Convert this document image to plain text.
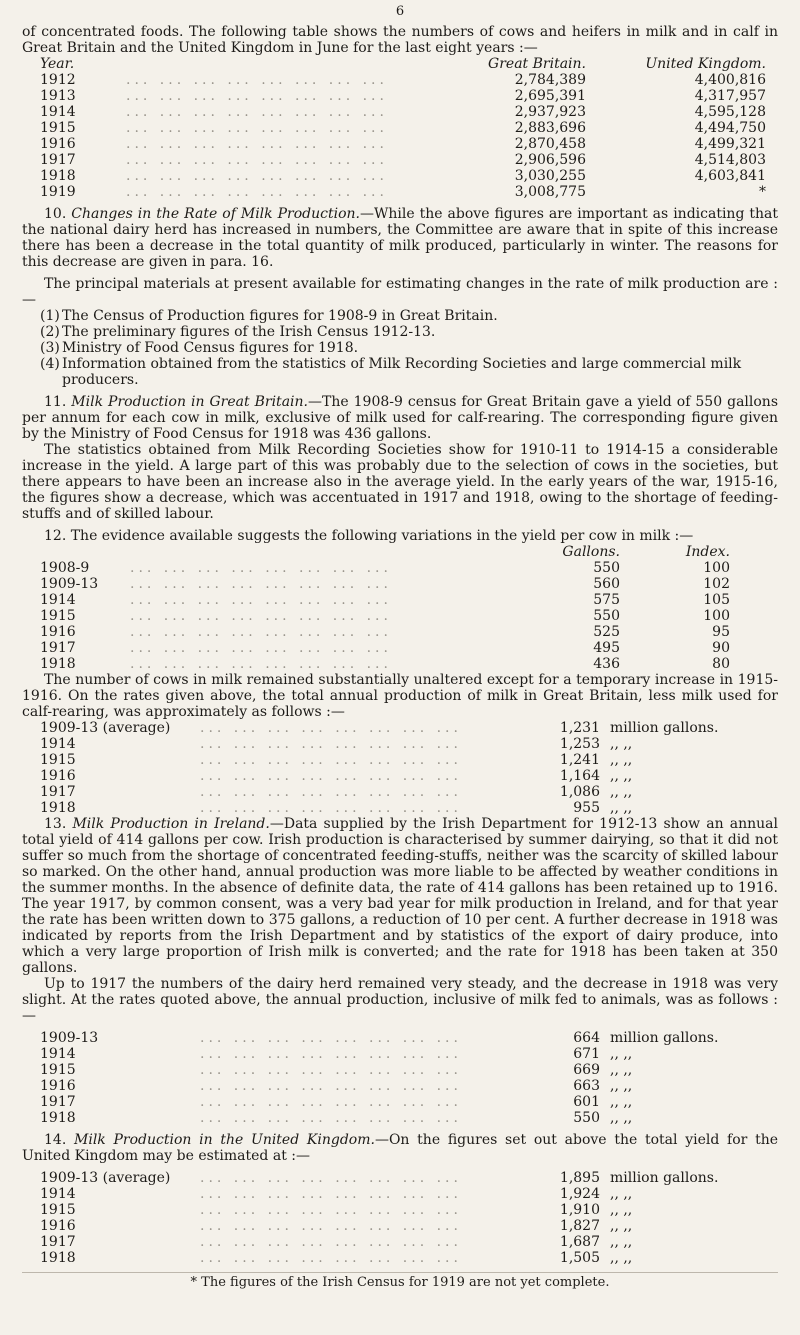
6

of concentrated foods. The following table shows the numbers of cows and heifers in milk and in calf in Great Britain and the United Kingdom in June for the last eight years :—

Year.	Great Britain.	United Kingdom.
1912	... ... ... ... ... ... ... ...	2,784,389	4,400,816
1913	... ... ... ... ... ... ... ...	2,695,391	4,317,957
1914	... ... ... ... ... ... ... ...	2,937,923	4,595,128
1915	... ... ... ... ... ... ... ...	2,883,696	4,494,750
1916	... ... ... ... ... ... ... ...	2,870,458	4,499,321
1917	... ... ... ... ... ... ... ...	2,906,596	4,514,803
1918	... ... ... ... ... ... ... ...	3,030,255	4,603,841
1919	... ... ... ... ... ... ... ...	3,008,775	*

10. Changes in the Rate of Milk Production.—While the above figures are important as indicating that the national dairy herd has increased in numbers, the Committee are aware that in spite of this increase there has been a decrease in the total quantity of milk produced, particularly in winter. The reasons for this decrease are given in para. 16.

The principal materials at present available for estimating changes in the rate of milk production are :—

(1) The Census of Production figures for 1908-9 in Great Britain.
(2) The preliminary figures of the Irish Census 1912-13.
(3) Ministry of Food Census figures for 1918.
(4) Information obtained from the statistics of Milk Recording Societies and large commercial milk producers.

11. Milk Production in Great Britain.—The 1908-9 census for Great Britain gave a yield of 550 gallons per annum for each cow in milk, exclusive of milk used for calf-rearing. The corresponding figure given by the Ministry of Food Census for 1918 was 436 gallons.

The statistics obtained from Milk Recording Societies show for 1910-11 to 1914-15 a considerable increase in the yield. A large part of this was probably due to the selection of cows in the societies, but there appears to have been an increase also in the average yield. In the early years of the war, 1915-16, the figures show a decrease, which was accentuated in 1917 and 1918, owing to the shortage of feeding-stuffs and of skilled labour.

12. The evidence available suggests the following variations in the yield per cow in milk :—

Gallons.	Index.
1908-9	... ... ... ... ... ... ... ...	550	100
1909-13	... ... ... ... ... ... ... ...	560	102
1914	... ... ... ... ... ... ... ...	575	105
1915	... ... ... ... ... ... ... ...	550	100
1916	... ... ... ... ... ... ... ...	525	95
1917	... ... ... ... ... ... ... ...	495	90
1918	... ... ... ... ... ... ... ...	436	80

The number of cows in milk remained substantially unaltered except for a temporary increase in 1915-1916. On the rates given above, the total annual production of milk in Great Britain, less milk used for calf-rearing, was approximately as follows :—

1909-13 (average)	... ... ... ... ... ... ... ...	1,231 million gallons.
1914	... ... ... ... ... ... ... ...	1,253 ,, ,,
1915	... ... ... ... ... ... ... ...	1,241 ,, ,,
1916	... ... ... ... ... ... ... ...	1,164 ,, ,,
1917	... ... ... ... ... ... ... ...	1,086 ,, ,,
1918	... ... ... ... ... ... ... ...	955 ,, ,,

13. Milk Production in Ireland.—Data supplied by the Irish Department for 1912-13 show an annual total yield of 414 gallons per cow. Irish production is characterised by summer dairying, so that it did not suffer so much from the shortage of concentrated feeding-stuffs, neither was the scarcity of skilled labour so marked. On the other hand, annual production was more liable to be affected by weather conditions in the summer months. In the absence of definite data, the rate of 414 gallons has been retained up to 1916. The year 1917, by common consent, was a very bad year for milk production in Ireland, and for that year the rate has been written down to 375 gallons, a reduction of 10 per cent. A further decrease in 1918 was indicated by reports from the Irish Department and by statistics of the export of dairy produce, into which a very large proportion of Irish milk is converted; and the rate for 1918 has been taken at 350 gallons.

Up to 1917 the numbers of the dairy herd remained very steady, and the decrease in 1918 was very slight. At the rates quoted above, the annual production, inclusive of milk fed to animals, was as follows :—

1909-13	... ... ... ... ... ... ... ...	664 million gallons.
1914	... ... ... ... ... ... ... ...	671 ,, ,,
1915	... ... ... ... ... ... ... ...	669 ,, ,,
1916	... ... ... ... ... ... ... ...	663 ,, ,,
1917	... ... ... ... ... ... ... ...	601 ,, ,,
1918	... ... ... ... ... ... ... ...	550 ,, ,,

14. Milk Production in the United Kingdom.—On the figures set out above the total yield for the United Kingdom may be estimated at :—

1909-13 (average)	... ... ... ... ... ... ... ...	1,895 million gallons.
1914	... ... ... ... ... ... ... ...	1,924 ,, ,,
1915	... ... ... ... ... ... ... ...	1,910 ,, ,,
1916	... ... ... ... ... ... ... ...	1,827 ,, ,,
1917	... ... ... ... ... ... ... ...	1,687 ,, ,,
1918	... ... ... ... ... ... ... ...	1,505 ,, ,,
* The figures of the Irish Census for 1919 are not yet complete.
